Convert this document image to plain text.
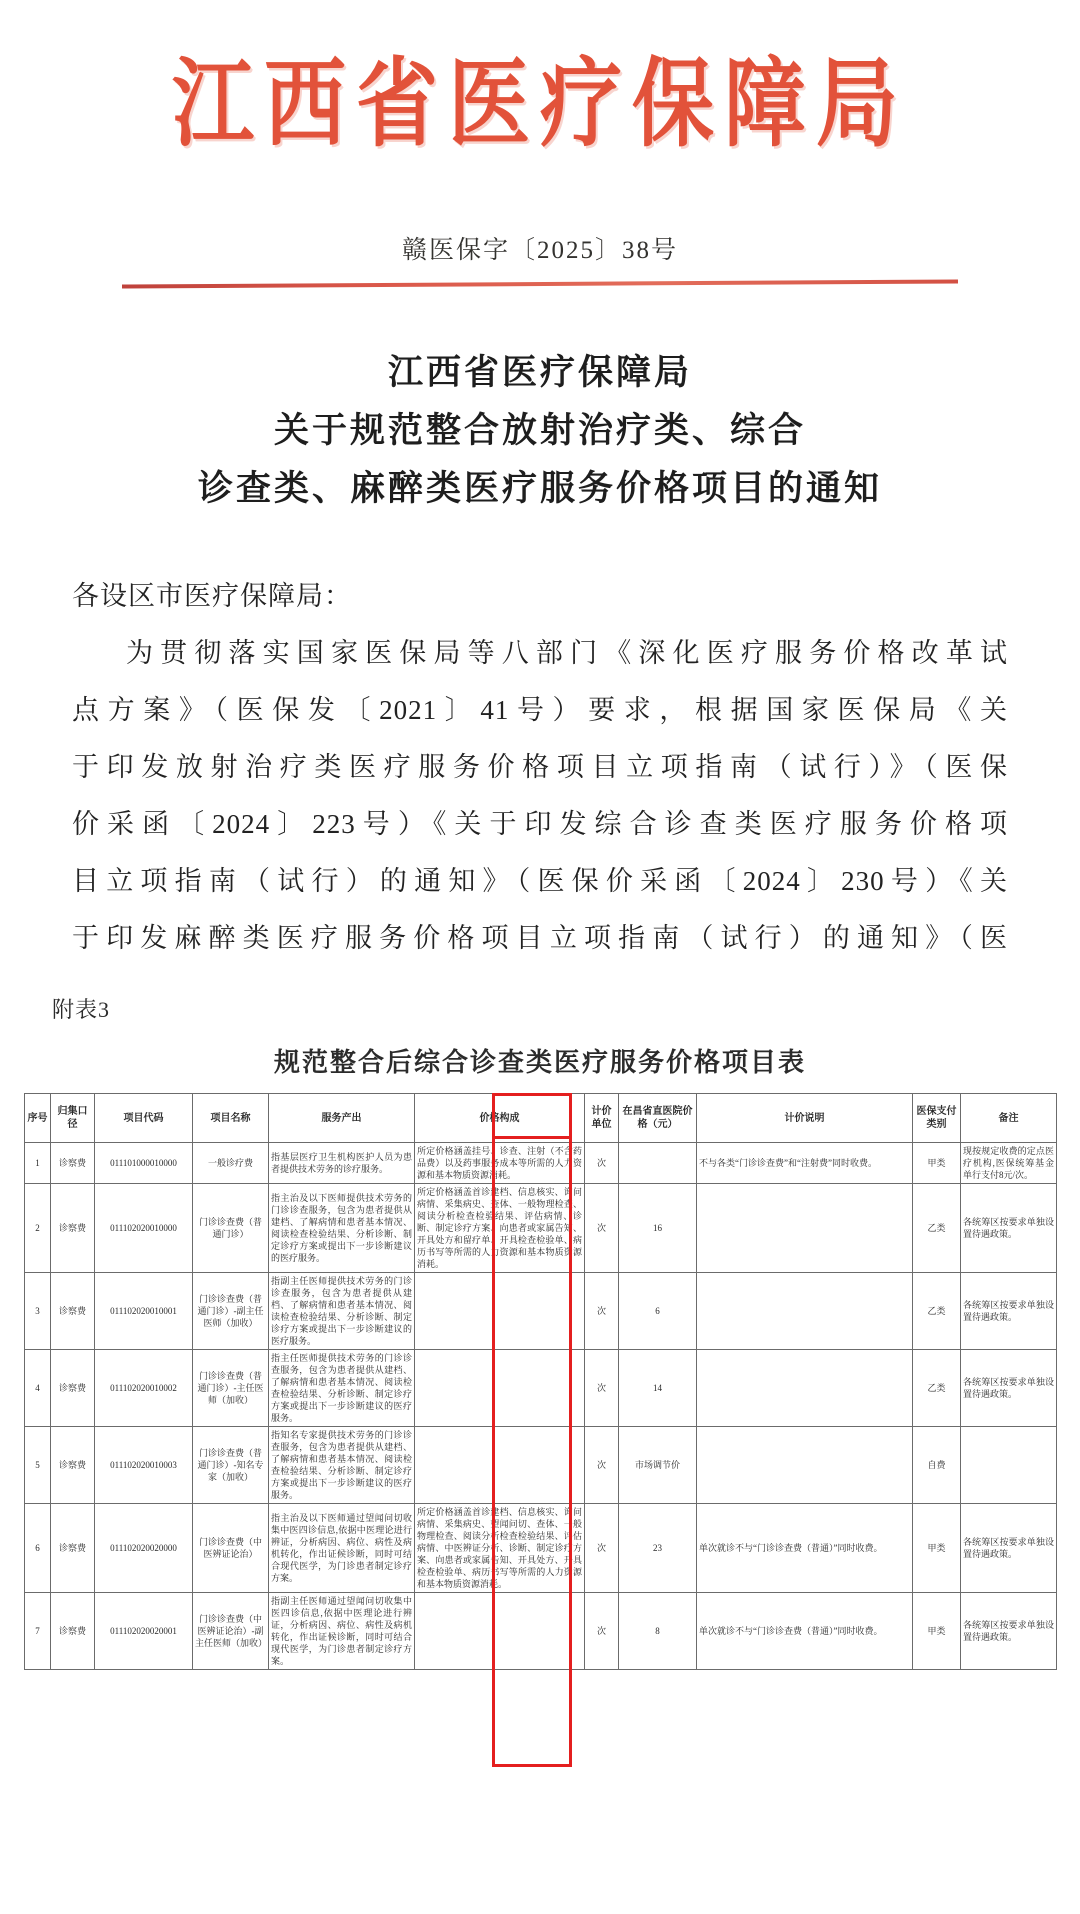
江西省医疗保障局
赣医保字〔2025〕38号
江西省医疗保障局
关于规范整合放射治疗类、综合
诊查类、麻醉类医疗服务价格项目的通知
各设区市医疗保障局：
为贯彻落实国家医保局等八部门《深化医疗服务价格改革试
点方案》（医保发〔2021〕41号）要求，根据国家医保局《关
于印发放射治疗类医疗服务价格项目立项指南（试行）》（医保
价采函〔2024〕223号）《关于印发综合诊查类医疗服务价格项
目立项指南（试行）的通知》（医保价采函〔2024〕230号）《关
于印发麻醉类医疗服务价格项目立项指南（试行）的通知》（医
附表3
规范整合后综合诊查类医疗服务价格项目表
序号	归集口径	项目代码	项目名称	服务产出	价格构成	计价单位	在昌省直医院价格（元）	计价说明	医保支付类别	备注
1	诊察费	011101000010000	一般诊疗费	指基层医疗卫生机构医护人员为患者提供技术劳务的诊疗服务。	所定价格涵盖挂号、诊查、注射（不含药品费）以及药事服务成本等所需的人力资源和基本物质资源消耗。	次		不与各类“门诊诊查费”和“注射费”同时收费。	甲类	现按规定收费的定点医疗机构,医保统筹基金单行支付8元/次。
2	诊察费	011102020010000	门诊诊查费（普通门诊）	指主治及以下医师提供技术劳务的门诊诊查服务，包含为患者提供从建档、了解病情和患者基本情况、阅读检查检验结果、分析诊断、制定诊疗方案或提出下一步诊断建议的医疗服务。	所定价格涵盖首诊建档、信息核实、询问病情、采集病史、查体、一般物理检查、阅读分析检查检验结果、评估病情、诊断、制定诊疗方案、向患者或家属告知、开具处方和留疗单、开具检查检验单、病历书写等所需的人力资源和基本物质资源消耗。	次	16		乙类	各统筹区按要求单独设置待遇政策。
3	诊察费	011102020010001	门诊诊查费（普通门诊）-副主任医师（加收）	指副主任医师提供技术劳务的门诊诊查服务，包含为患者提供从建档、了解病情和患者基本情况、阅读检查检验结果、分析诊断、制定诊疗方案或提出下一步诊断建议的医疗服务。		次	6		乙类	各统筹区按要求单独设置待遇政策。
4	诊察费	011102020010002	门诊诊查费（普通门诊）-主任医师（加收）	指主任医师提供技术劳务的门诊诊查服务，包含为患者提供从建档、了解病情和患者基本情况、阅读检查检验结果、分析诊断、制定诊疗方案或提出下一步诊断建议的医疗服务。		次	14		乙类	各统筹区按要求单独设置待遇政策。
5	诊察费	011102020010003	门诊诊查费（普通门诊）-知名专家（加收）	指知名专家提供技术劳务的门诊诊查服务，包含为患者提供从建档、了解病情和患者基本情况、阅读检查检验结果、分析诊断、制定诊疗方案或提出下一步诊断建议的医疗服务。		次	市场调节价		自费	
6	诊察费	011102020020000	门诊诊查费（中医辨证论治）	指主治及以下医师通过望闻问切收集中医四诊信息,依据中医理论进行辨证，分析病因、病位、病性及病机转化，作出证候诊断，同时可结合现代医学，为门诊患者制定诊疗方案。	所定价格涵盖首诊建档、信息核实、询问病情、采集病史、望闻问切、查体、一般物理检查、阅读分析检查检验结果、评估病情、中医辨证分析、诊断、制定诊疗方案、向患者或家属告知、开具处方、开具检查检验单、病历书写等所需的人力资源和基本物质资源消耗。	次	23	单次就诊不与“门诊诊查费（普通）”同时收费。	甲类	各统筹区按要求单独设置待遇政策。
7	诊察费	011102020020001	门诊诊查费（中医辨证论治）-副主任医师（加收）	指副主任医师通过望闻问切收集中医四诊信息,依据中医理论进行辨证，分析病因、病位、病性及病机转化，作出证候诊断，同时可结合现代医学，为门诊患者制定诊疗方案。		次	8	单次就诊不与“门诊诊查费（普通）”同时收费。	甲类	各统筹区按要求单独设置待遇政策。
